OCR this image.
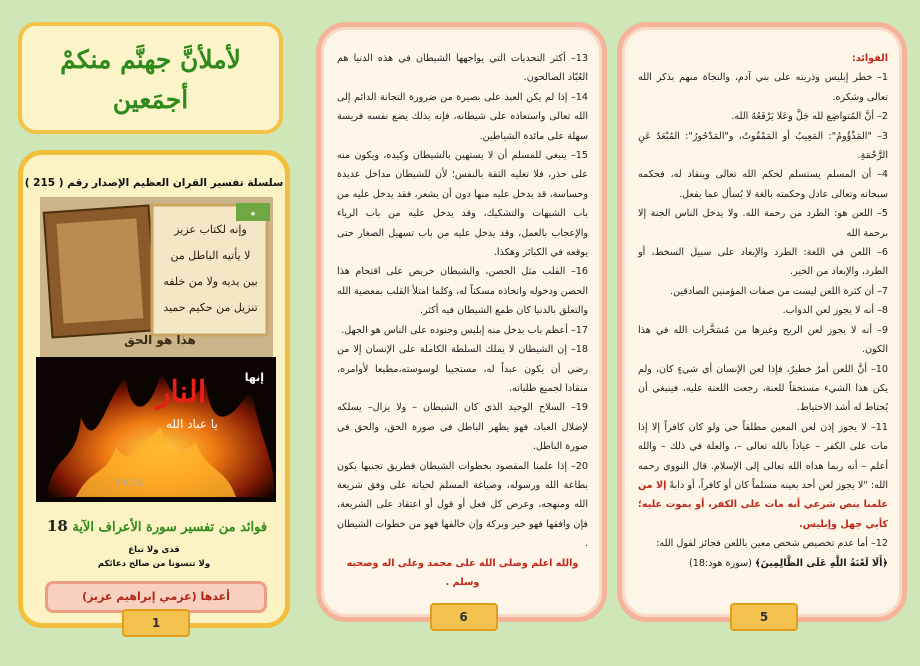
لأملأنَّ جهنَّم منكمْ
أجمَعين
سلسلة تفسير القران العظيم الإصدار رقم ( 215 )
★
وإنه لكتاب عزيز
لا يأتيه الباطل من
بين يديه ولا من خلفه
تنزيل من حكيم حميد
هذا هو الحق
إنها
النار
يا عباد الله
TATA
فوائد من تفسير سورة الأعراف الآية 18
قدى ولا تباع
ولا تنسونا من صالح دعائكم
أعدها (عزمي إبراهيم عزيز)
1

13– أكثر التحديات التي يواجهها الشيطان في هذه الدنيا هم العُبّاد الصالحون.

14– إذا لم يكن العبد على بصيرة من ضرورة التجانة الدائم إلى الله تعالى واستعاذه على شيطانه، فإنه بذلك يضع نفسه فريسة سهلة على مائدة الشياطين.

15– ينبغي للمسلم أن لا يستهين بالشيطان وكيده، ويكون منه على حذر، فلا تغليه الثقة بالنفس؛ لأن للشيطان مداخل عديدة وحساسة، قد يدخل عليه منها دون أن يشعر، فقد يدخل عليه من باب الشبهات والتشكيك، وقد يدخل عليه من باب الرياء والإعجاب بالعمل، وقد يدخل عليه من باب تسهيل الصغار حتى يوقعه في الكبائر وهكذا.

16– القلب مثل الحصن، والشيطان حريص على اقتحام هذا الحصن ودخوله واتخاذه مسكناً له، وكلما امتلأ القلب بمعصية الله والتعلق بالدنيا كان طمع الشيطان فيه أكثر.

17– أعظم باب يدخل منه إبليس وجنوده على الناس هو الجهل.

18– إن الشيطان لا يملك السلطة الكاملة على الإنسان إلا من رضي أن يكون عبداً له، مستجيبا لوسوسته،مطيعا لأوامره، منقادا لجميع طلباته.

19– السلاح الوحيد الذي كان الشيطان – ولا يزال– يسلكه لإضلال العباد، فهو يظهر الباطل في صورة الحق، والحق في صورة الباطل.

20– إذا علمنا المقصود بخطوات الشيطان فطريق تجنبها يكون بطاعة الله ورسوله، وصياغة المسلم لحياته على وفق شريعة الله ومنهجه، وعرض كل فعل أو قول أو اعتقاد على الشريعة، فإن وافقها فهو خير وبركة وإن خالفها فهو من خطوات الشيطان .

والله اعلم وصلى الله على محمد وعلى اله وصحبه وسلم .

6

الفوائد:

1– خطر إبليس وذريته على بني آدم، والنجاة منهم بذكر الله تعالى وشكره.

2– أنَّ المُتواضِع لله جَلَّ وعَلا يَرْفَعُهُ الله.

3– "المَذْؤُومُ": المَعِيبُ أو المَمْقُوتُ، و"المَدْحُورُ": المُبْعَدُ عَنِ الرَّحْمَةِ.

4– أن المسلم يستسلم لحكم الله تعالى وينقاد له، فحكمه سبحانه وتعالى عادل وحكمته بالغة لا يُسأل عما يفعل.

5– اللعن هو: الطرد من رحمة الله. ولا يدخل الناس الجنة إلا برحمة الله

6– اللعن في اللغة: الطرد والإبعاد على سبيل السخط، أو الطرد، والإبعاد من الخير.

7– أن كثرة اللعن ليست من صفات المؤمنين الصادقين.

8– أنه لا يجوز لعن الدواب.

9– أنه لا يجوز لعن الريح وغيرها من مُسَخَّرات الله في هذا الكون.

10– أنَّ اللعن أمرٌ خطيرٌ، فإذا لعن الإنسان أي شيءٍ كان، ولم يكن هذا الشيء مستحقاً للعنة، رجعت اللعنة عليه، فينبغي أن يُحتاط له أشد الاحتياط.

11– لا يجوز إذن لعن المعين مطلقاً حي ولو كان كافراً إلا إذا مات على الكفر – عياذاً بالله تعالى –، والعلة في ذلك – والله أعلم – أنه ربما هداه الله تعالى إلى الإسلام. قال النووي رحمه الله: "لا يجوز لعن أحد بعينه مسلماً كان أو كافراً، أو دابةً إلا من علمنا بنص شرعي أنه مات على الكفر، أو يموت عليه؛ كأبي جهل وإبليس.

12– أما عدم تخصيص شخص معين باللعن فجائز لقول الله:

﴿أَلَا لَعْنَةُ اللَّهِ عَلَى الظَّالِمِينَ﴾ (سورة هود:18)

5
